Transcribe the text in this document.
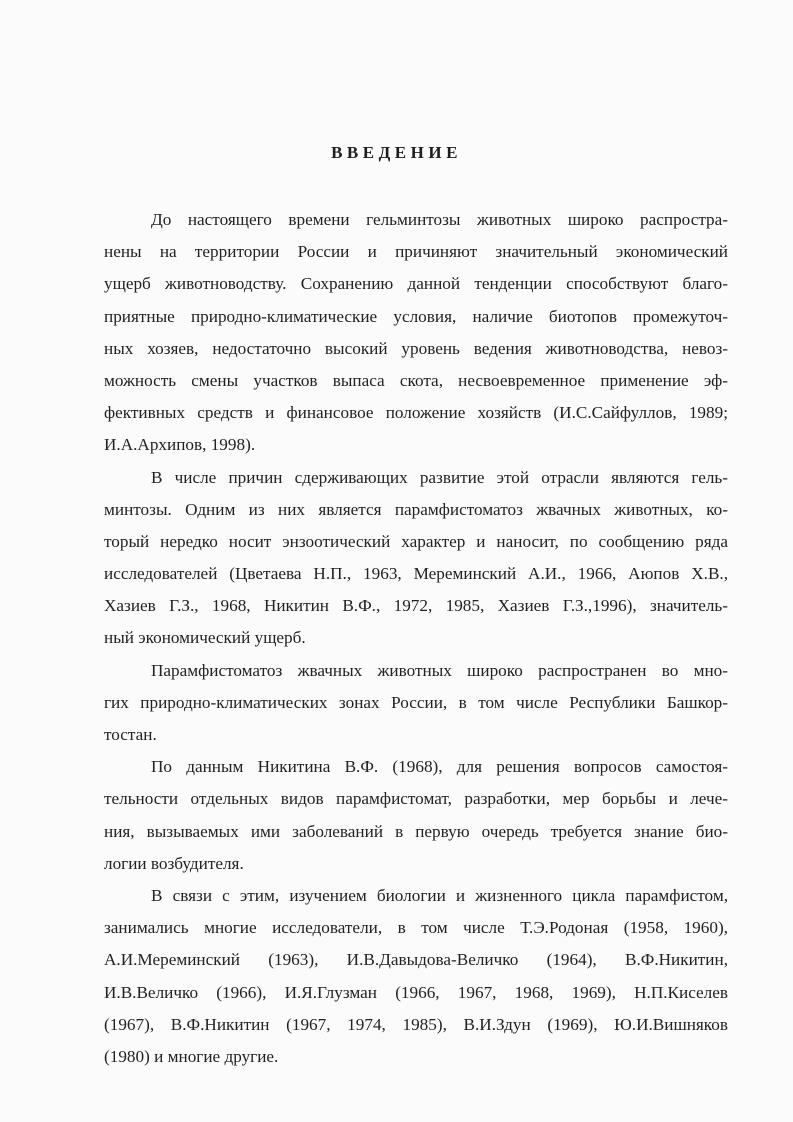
ВВЕДЕНИЕ
До настоящего времени гельминтозы животных широко распростра-
нены на территории России и причиняют значительный экономический
ущерб животноводству. Сохранению данной тенденции способствуют благо-
приятные природно-климатические условия, наличие биотопов промежуточ-
ных хозяев, недостаточно высокий уровень ведения животноводства, невоз-
можность смены участков выпаса скота, несвоевременное применение эф-
фективных средств и финансовое положение хозяйств (И.С.Сайфуллов, 1989;
И.А.Архипов, 1998).
В числе причин сдерживающих развитие этой отрасли являются гель-
минтозы. Одним из них является парамфистоматоз жвачных животных, ко-
торый нередко носит энзоотический характер и наносит, по сообщению ряда
исследователей (Цветаева Н.П., 1963, Мереминский А.И., 1966, Аюпов Х.В.,
Хазиев Г.З., 1968, Никитин В.Ф., 1972, 1985, Хазиев Г.З.,1996), значитель-
ный экономический ущерб.
Парамфистоматоз жвачных животных широко распространен во мно-
гих природно-климатических зонах России, в том числе Республики Башкор-
тостан.
По данным Никитина В.Ф. (1968), для решения вопросов самостоя-
тельности отдельных видов парамфистомат, разработки, мер борьбы и лече-
ния, вызываемых ими заболеваний в первую очередь требуется знание био-
логии возбудителя.
В связи с этим, изучением биологии и жизненного цикла парамфистом,
занимались многие исследователи, в том числе Т.Э.Родоная (1958, 1960),
А.И.Мереминский (1963), И.В.Давыдова-Величко (1964), В.Ф.Никитин,
И.В.Величко (1966), И.Я.Глузман (1966, 1967, 1968, 1969), Н.П.Киселев
(1967), В.Ф.Никитин (1967, 1974, 1985), В.И.Здун (1969), Ю.И.Вишняков
(1980) и многие другие.
